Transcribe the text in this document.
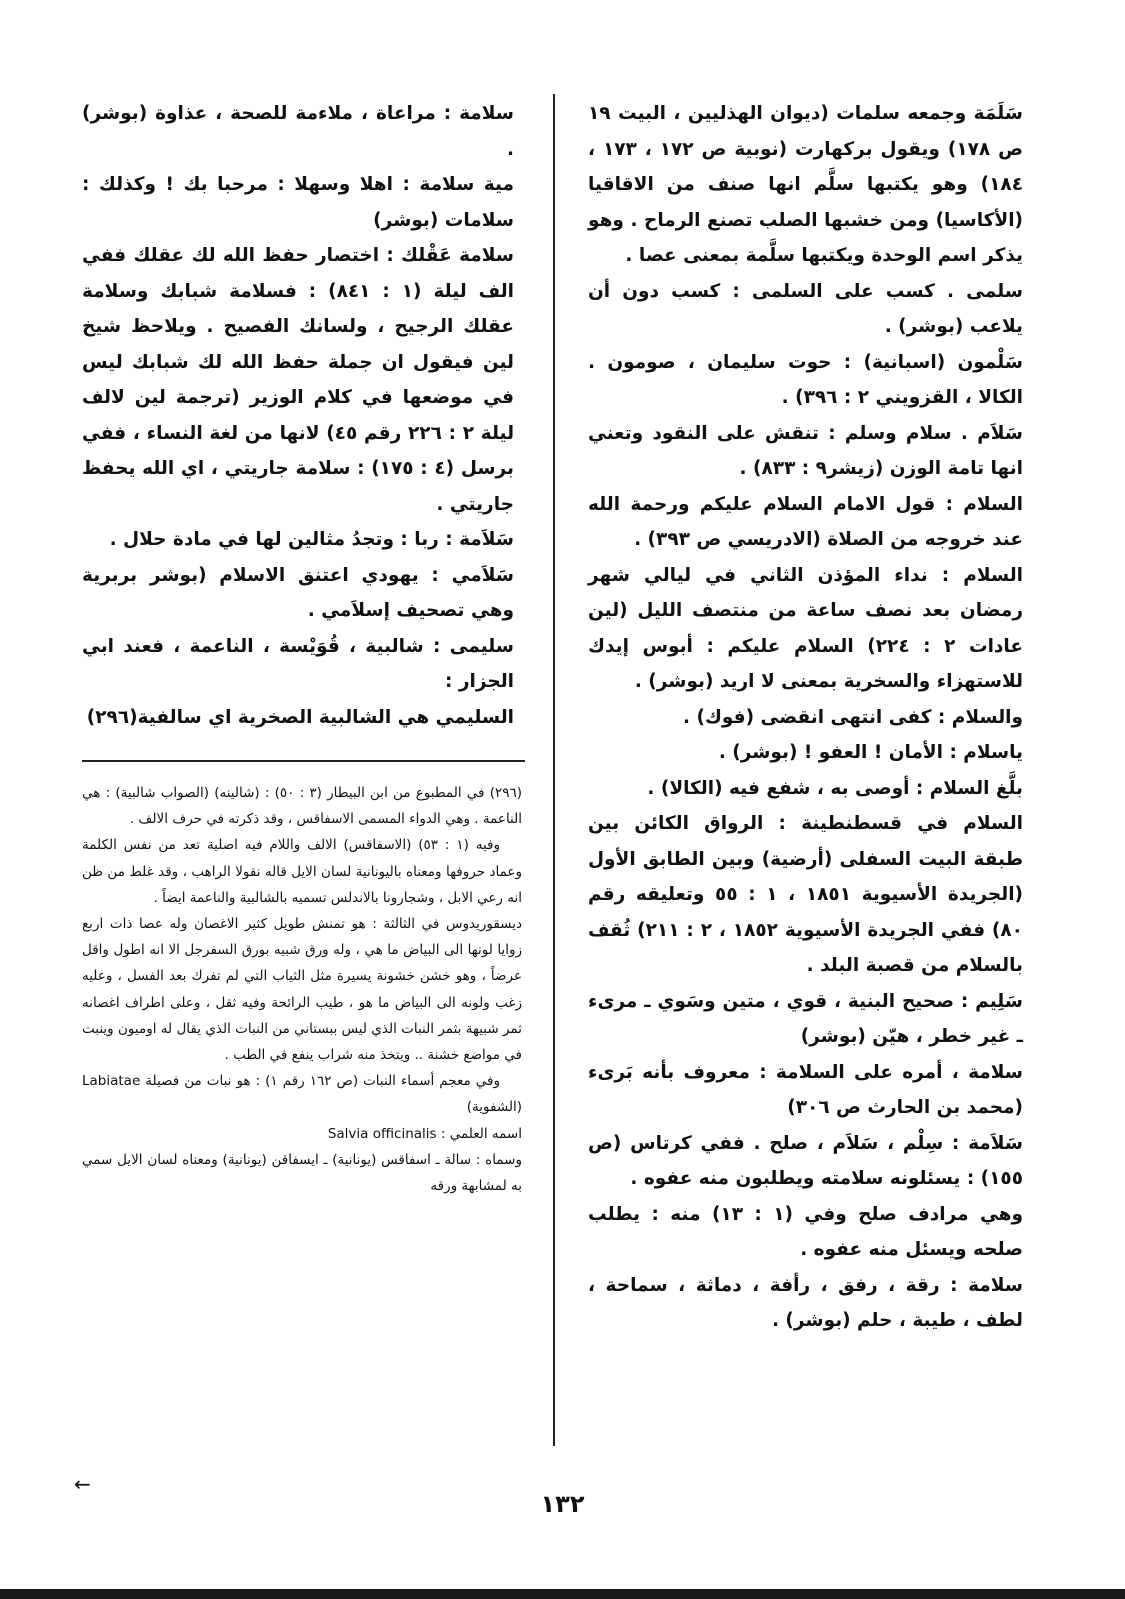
سَلَمَة وجمعه سلمات (ديوان الهذليين ، البيت ١٩ ص ١٧٨) ويقول بركهارت (نوبية ص ١٧٢ ، ١٧٣ ، ١٨٤) وهو يكتبها سلَّم انها صنف من الاقاقيا (الأكاسيا) ومن خشبها الصلب تصنع الرماح . وهو يذكر اسم الوحدة ويكتبها سلَّمة بمعنى عصا .

سلمى . كسب على السلمى : كسب دون أن يلاعب (بوشر) .

سَلْمون (اسبانية) : حوت سليمان ، صومون . الكالا ، القزويني ٢ : ٣٩٦) .

سَلاَم . سلام وسلم : تنقش على النقود وتعني انها تامة الوزن (زيشر٩ : ٨٣٣) .

السلام : قول الامام السلام عليكم ورحمة الله عند خروجه من الصلاة (الادريسي ص ٣٩٣) .

السلام : نداء المؤذن الثاني في ليالي شهر رمضان بعد نصف ساعة من منتصف الليل (لين عادات ٢ : ٢٢٤) السلام عليكم : أبوس إيدك للاستهزاء والسخرية بمعنى لا اريد (بوشر) .

والسلام : كفى انتهى انقضى (فوك) .

ياسلام : الأمان ! العفو ! (بوشر) .

بلَّغ السلام : أوصى به ، شفع فيه (الكالا) .

السلام في قسطنطينة : الرواق الكائن بين طبقة البيت السفلى (أرضية) وبين الطابق الأول (الجريدة الأسيوية ١٨٥١ ، ١ : ٥٥ وتعليقه رقم ٨٠) ففي الجريدة الأسيوية ١٨٥٢ ، ٢ : ٢١١) ثُقف بالسلام من قصبة البلد .

سَلِيم : صحيح البنية ، قوي ، متين وسَوي ـ مرىء ـ غير خطر ، هيّن (بوشر)

سلامة ، أمره على السلامة : معروف بأنه بَرىء (محمد بن الحارث ص ٣٠٦)

سَلاَمة : سِلْم ، سَلاَم ، صلح . ففي كرتاس (ص ١٥٥) : يسئلونه سلامته ويطلبون منه عفوه .

وهي مرادف صلح وفي (١ : ١٣) منه : يطلب صلحه ويسئل منه عفوه .

سلامة : رقة ، رفق ، رأفة ، دماثة ، سماحة ، لطف ، طيبة ، حلم (بوشر) .

سلامة : مراعاة ، ملاءمة للصحة ، عذاوة (بوشر) .

مية سلامة : اهلا وسهلا : مرحبا بك ! وكذلك : سلامات (بوشر)

سلامة عَقْلك : اختصار حفظ الله لك عقلك ففي الف ليلة (١ : ٨٤١) : فسلامة شبابك وسلامة عقلك الرجيح ، ولسانك الفصيح . ويلاحظ شيخ لين فيقول ان جملة حفظ الله لك شبابك ليس في موضعها في كلام الوزير (ترجمة لين لالف ليلة ٢ : ٢٢٦ رقم ٤٥) لانها من لغة النساء ، ففي برسل (٤ : ١٧٥) : سلامة جاريتي ، اي الله يحفظ جاريتي .

سَلاَمة : ربا : وتجدُ مثالين لها في مادة حلال .

سَلاَمي : يهودي اعتنق الاسلام (بوشر بربرية وهي تصحيف إسلاَمي .

سليمى : شالبية ، قُوَيْسة ، الناعمة ، فعند ابي الجزار :

السليمي هي الشالبية الصخرية اي سالفية(٢٩٦)

(٢٩٦) في المطبوع من ابن البيطار (٣ : ٥٠) : (شالينه) (الصواب شالبية) : هي الناعمة . وهي الدواء المسمى الاسفاقس ، وقد ذكرته في حرف الالف .

وفيه (١ : ٥٣) (الاسفاقس) الالف واللام فيه اصلية تعد من نفس الكلمة وعماد حروفها ومعناه باليونانية لسان الايل قاله نقولا الراهب ، وقد غلط من ظن انه رعي الابل ، وشجارونا بالاندلس تسميه بالشالبية والناعمة ايضاً .

ديسقوريدوس في الثالثة : هو تمنش طويل كثير الاغصان وله عصا ذات اربع زوايا لونها الى البياض ما هي ، وله ورق شبيه بورق السفرجل الا انه اطول واقل عرضاً ، وهو خشن خشونة يسيرة مثل الثياب التي لم تفرك بعد الفسل ، وعليه زغب ولونه الى البياض ما هو ، طيب الرائحة وفيه ثقل ، وعلى اطراف اغصانه ثمر شبيهة بثمر النبات الذي ليس ببستاني من النبات الذي يقال له اوميون وينبت في مواضع خشنة .. ويتخذ منه شراب ينفع في الطب .

وفي معجم أسماء النبات (ص ١٦٢ رقم ١) : هو نبات من فصيلة Labiatae (الشفوية)

اسمه العلمي : Salvia officinalis

وسماه : سالة ـ اسفاقس (يونانية) ـ ايسفاقن (يونانية) ومعناه لسان الايل سمي به لمشابهة ورقه

←
١٣٢
